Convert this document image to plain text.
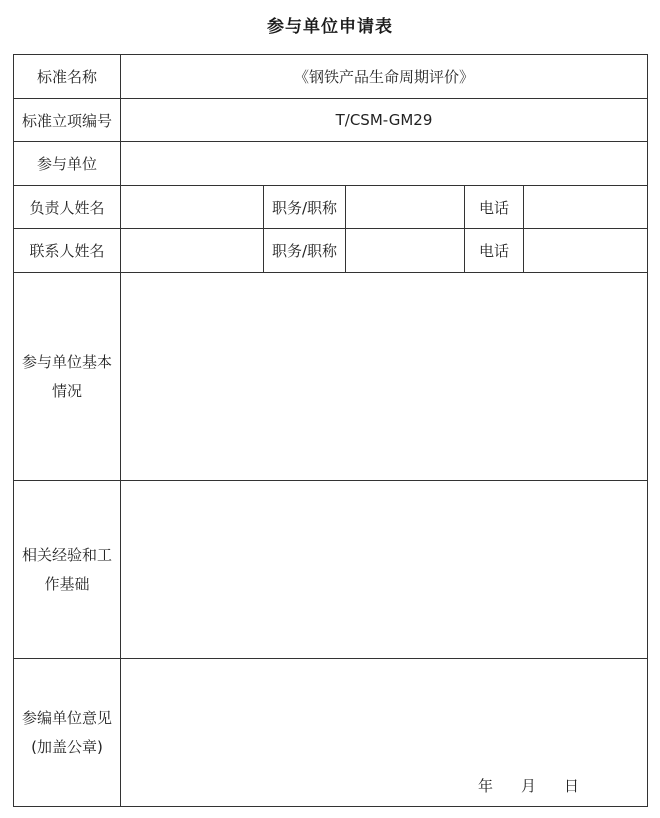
参与单位申请表
标准名称	《钢铁产品生命周期评价》				
标准立项编号	T/CSM-GM29				
参与单位					
负责人姓名		职务/职称		电话	
联系人姓名		职务/职称		电话	

参与单位基本
情况					

相关经验和工
作基础					

参编单位意见
(加盖公章)	年 月 日				
